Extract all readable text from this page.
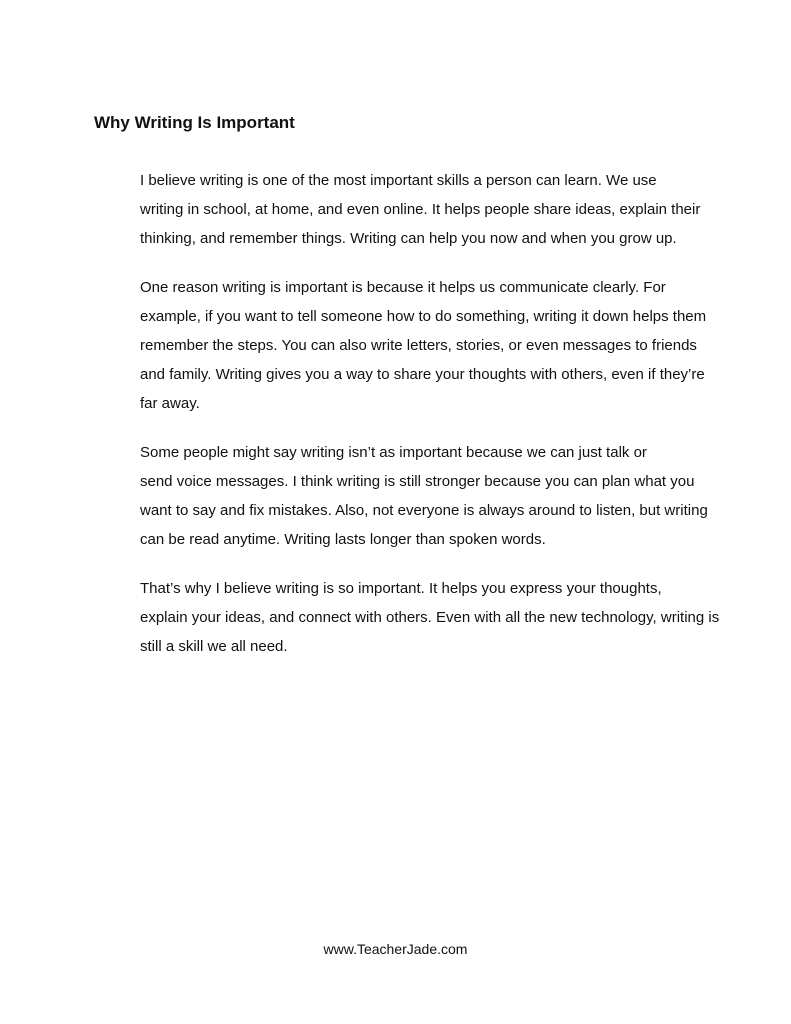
Why Writing Is Important

I believe writing is one of the most important skills a person can learn. We use
writing in school, at home, and even online. It helps people share ideas, explain their
thinking, and remember things. Writing can help you now and when you grow up.

One reason writing is important is because it helps us communicate clearly. For
example, if you want to tell someone how to do something, writing it down helps them
remember the steps. You can also write letters, stories, or even messages to friends
and family. Writing gives you a way to share your thoughts with others, even if they’re
far away.

Some people might say writing isn’t as important because we can just talk or
send voice messages. I think writing is still stronger because you can plan what you
want to say and fix mistakes. Also, not everyone is always around to listen, but writing
can be read anytime. Writing lasts longer than spoken words.

That’s why I believe writing is so important. It helps you express your thoughts,
explain your ideas, and connect with others. Even with all the new technology, writing is
still a skill we all need.

www.TeacherJade.com
